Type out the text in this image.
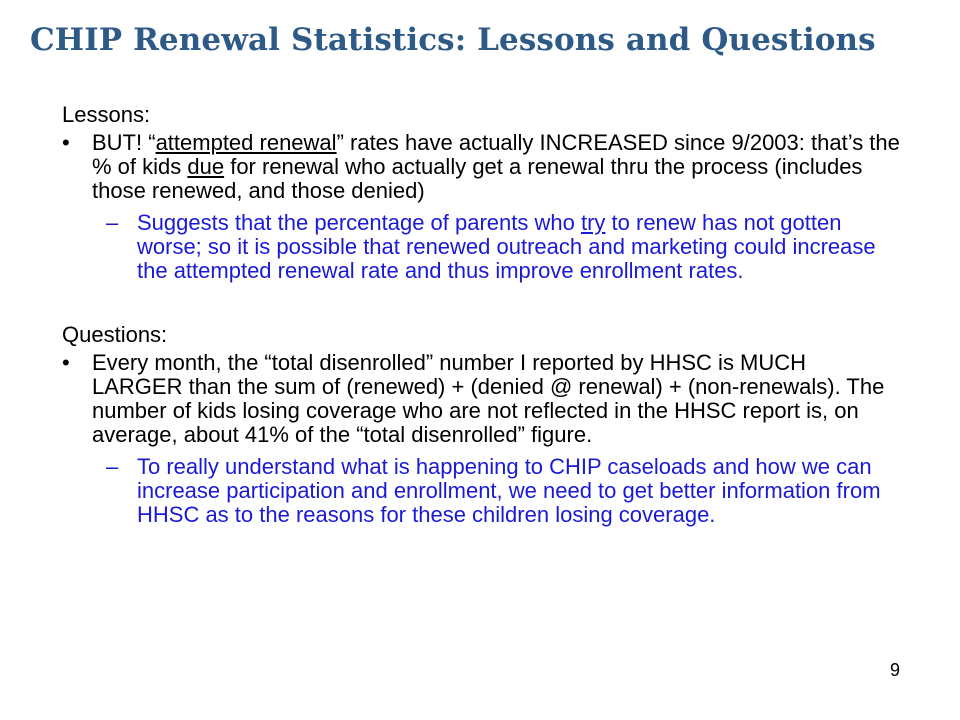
CHIP Renewal Statistics: Lessons and Questions

Lessons:

• BUT! “attempted renewal” rates have actually INCREASED since 9/2003: that’s the % of kids due for renewal who actually get a renewal thru the process (includes those renewed, and those denied)
– Suggests that the percentage of parents who try to renew has not gotten worse; so it is possible that renewed outreach and marketing could increase the attempted renewal rate and thus improve enrollment rates.

Questions:

• Every month, the “total disenrolled” number I reported by HHSC is MUCH LARGER than the sum of (renewed) + (denied @ renewal) + (non-renewals). The number of kids losing coverage who are not reflected in the HHSC report is, on average, about 41% of the “total disenrolled” figure.
– To really understand what is happening to CHIP caseloads and how we can increase participation and enrollment, we need to get better information from HHSC as to the reasons for these children losing coverage.
9
